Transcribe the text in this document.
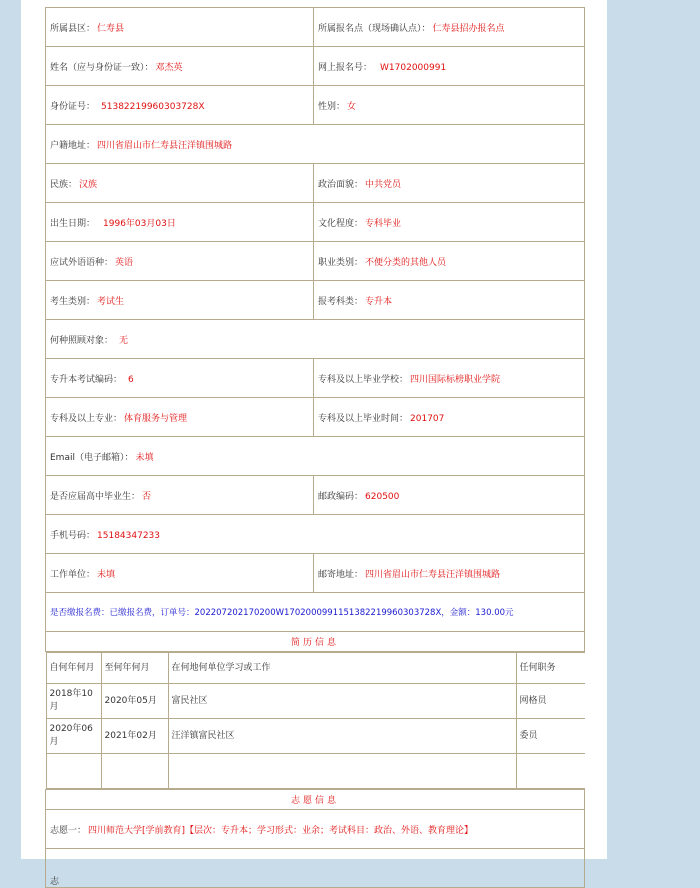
所属县区： 仁寿县	所属报名点（现场确认点）： 仁寿县招办报名点
姓名（应与身份证一致）： 邓杰英	网上报名号： W1702000991
身份证号： 513822199603037​28X	性别： 女
户籍地址： 四川省眉山市仁寿县汪洋镇围城路
民族： 汉族	政治面貌： 中共党员
出生日期： 1996年03月03日	文化程度： 专科毕业
应试外语语种： 英语	职业类别： 不便分类的其他人员
考生类别： 考试生	报考科类： 专升本
何种照顾对象： 无
专升本考试编码： 6	专科及以上毕业学校： 四川国际标榜职业学院
专科及以上专业： 体育服务与管理	专科及以上毕业时间： 201707
Email（电子邮箱）： 未填
是否应届高中毕业生： 否	邮政编码： 620500
手机号码： 15184347233
工作单位： 未填	邮寄地址： 四川省眉山市仁寿县汪洋镇围城路
是否缴报名费：已缴报名费，订单号：20220720217020​0W1702000991151382219960303728X，金额：130.00元
简历信息

自何年何月	至何年何月	在何地何单位学习或工作	任何职务
2018年10月	2020年05月	富民社区	网格员
2020年06月	2021年02月	汪洋镇富民社区	委员

志愿信息
志愿一： 四川师范大学[学前教育]【层次：专升本；学习形式：业余；考试科目：政治、外语、教育理论】
志
